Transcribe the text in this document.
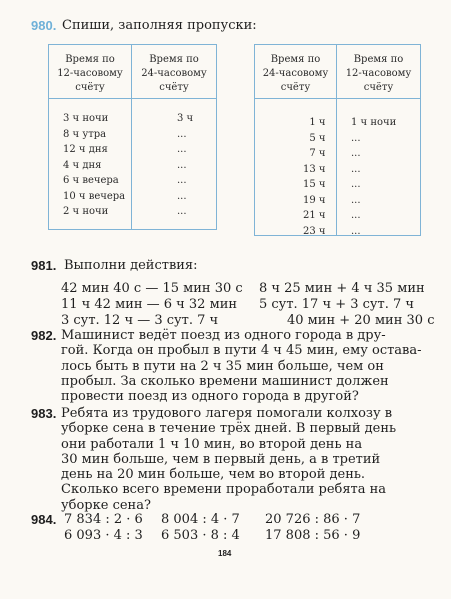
980. Спиши, заполняя пропуски:
Время по
12-часовому
счёту
Время по
24-часовому
счёту
3 ч ночи
8 ч утра
12 ч дня
4 ч дня
6 ч вечера
10 ч вечера
2 ч ночи
3 ч
...
...
...
...
...
...
Время по
24-часовому
счёту
Время по
12-часовому
счёту
1 ч
5 ч
7 ч
13 ч
15 ч
19 ч
21 ч
23 ч
1 ч ночи
...
...
...
...
...
...
...
981. Выполни действия:
42 мин 40 с — 15 мин 30 с 8 ч 25 мин + 4 ч 35 мин
11 ч 42 мин — 6 ч 32 мин 5 сут. 17 ч + 3 сут. 7 ч
3 сут. 12 ч — 3 сут. 7 ч	40 мин + 20 мин 30 с
982. Машинист ведёт поезд из одного города в дру-
гой. Когда он пробыл в пути 4 ч 45 мин, ему остава-
лось быть в пути на 2 ч 35 мин больше, чем он
пробыл. За сколько времени машинист должен
провести поезд из одного города в другой?
983. Ребята из трудового лагеря помогали колхозу в
уборке сена в течение трёх дней. В первый день
они работали 1 ч 10 мин, во второй день на
30 мин больше, чем в первый день, а в третий
день на 20 мин больше, чем во второй день.
Сколько всего времени проработали ребята на
уборке сена?
984. 7 834 : 2 · 6 8 004 : 4 · 7 20 726 : 86 · 7
6 093 · 4 : 3 6 503 · 8 : 4 17 808 : 56 · 9
184
